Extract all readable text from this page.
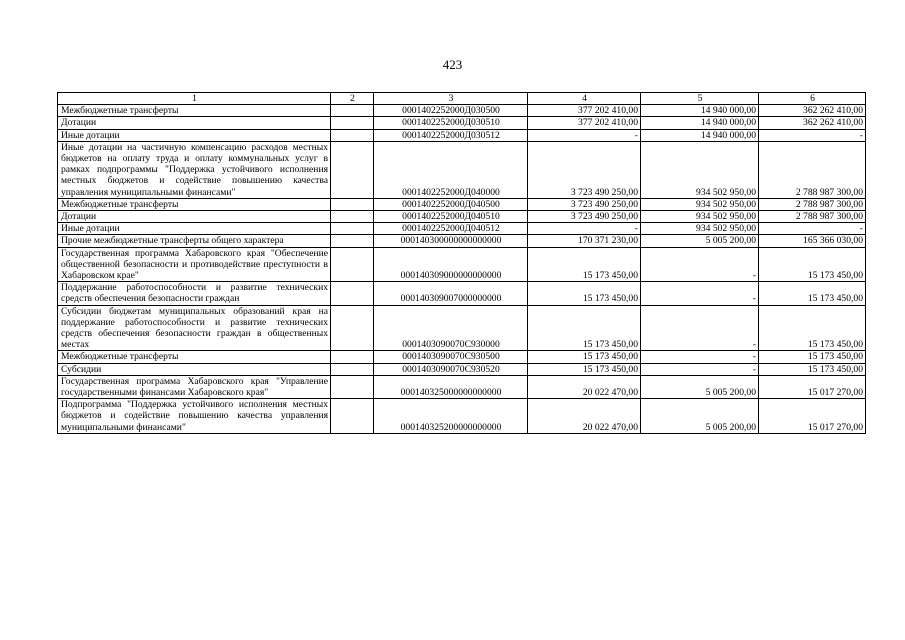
423
1	2	3	4	5	6
Межбюджетные трансферты		0001402252000Д030500	377 202 410,00	14 940 000,00	362 262 410,00
Дотации		0001402252000Д030510	377 202 410,00	14 940 000,00	362 262 410,00
Иные дотации		0001402252000Д030512	-	14 940 000,00	-
Иные дотации на частичную компенсацию расходов местных бюджетов на оплату труда и оплату коммунальных услуг в рамках подпрограммы "Поддержка устойчивого исполнения местных бюджетов и содействие повышению качества управления муниципальными финансами"		0001402252000Д040000	3 723 490 250,00	934 502 950,00	2 788 987 300,00
Межбюджетные трансферты		0001402252000Д040500	3 723 490 250,00	934 502 950,00	2 788 987 300,00
Дотации		0001402252000Д040510	3 723 490 250,00	934 502 950,00	2 788 987 300,00
Иные дотации		0001402252000Д040512	-	934 502 950,00	-
Прочие межбюджетные трансферты общего характера		000140300000000000000	170 371 230,00	5 005 200,00	165 366 030,00
Государственная программа Хабаровского края "Обеспечение общественной безопасности и противодействие преступности в Хабаровском крае"		000140309000000000000	15 173 450,00	-	15 173 450,00
Поддержание работоспособности и развитие технических средств обеспечения безопасности граждан		000140309007000000000	15 173 450,00	-	15 173 450,00
Субсидии бюджетам муниципальных образований края на поддержание работоспособности и развитие технических средств обеспечения безопасности граждан в общественных местах		0001403090070С930000	15 173 450,00	-	15 173 450,00
Межбюджетные трансферты		0001403090070С930500	15 173 450,00	-	15 173 450,00
Субсидии		0001403090070С930520	15 173 450,00	-	15 173 450,00
Государственная программа Хабаровского края "Управление государственными финансами Хабаровского края"		000140325000000000000	20 022 470,00	5 005 200,00	15 017 270,00
Подпрограмма "Поддержка устойчивого исполнения местных бюджетов и содействие повышению качества управления муниципальными финансами"		000140325200000000000	20 022 470,00	5 005 200,00	15 017 270,00
